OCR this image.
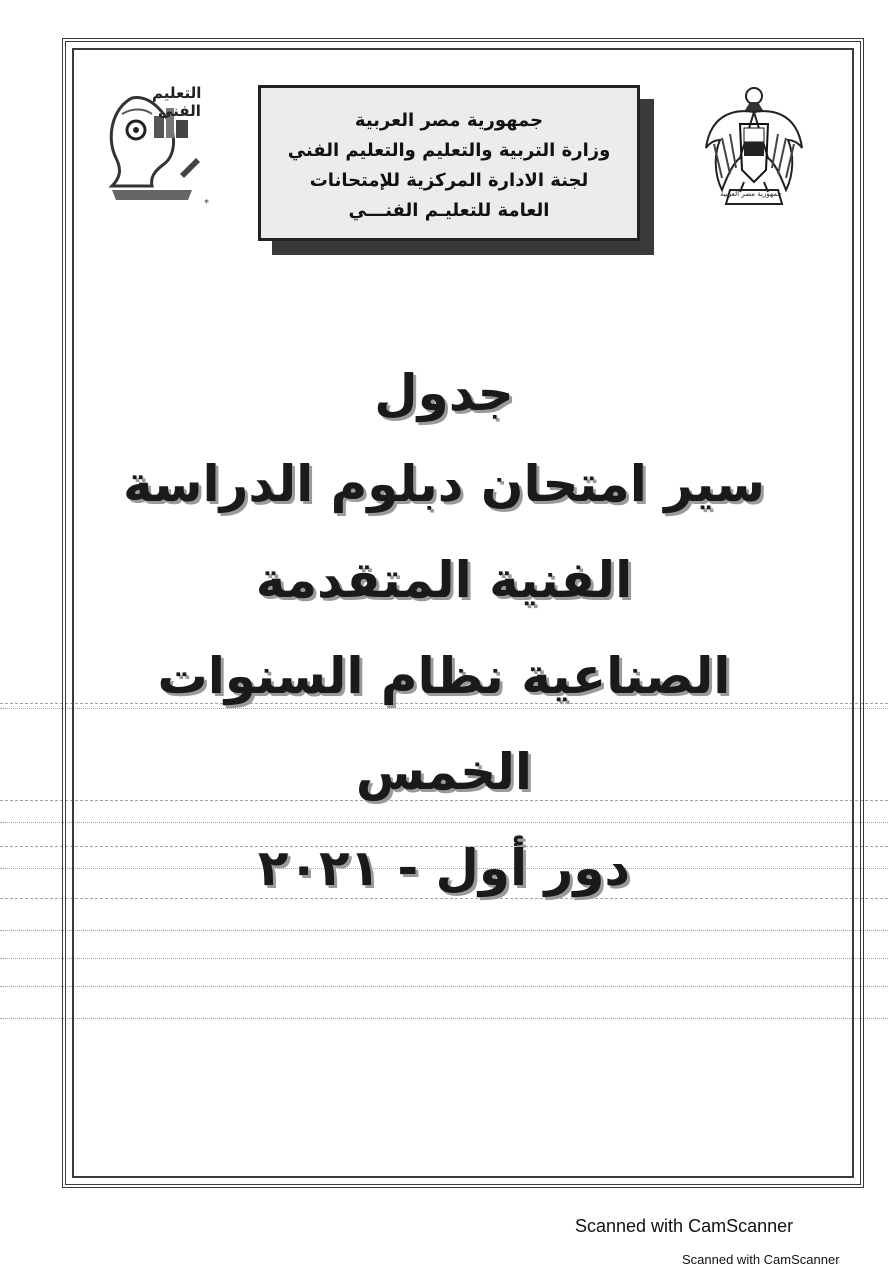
*
التعليم
الفنى	جمهورية مصر العربية
وزارة التربية والتعليم والتعليم الفني
لجنة الادارة المركزية للإمتحانات
العامة للتعليـم الفنـــي
جمهورية مصر العربية
جدول
سير امتحان دبلوم الدراسة
الفنية المتقدمة
الصناعية نظام السنوات
الخمس
دور أول - ٢٠٢١
Scanned with CamScanner
Scanned with CamScanner
